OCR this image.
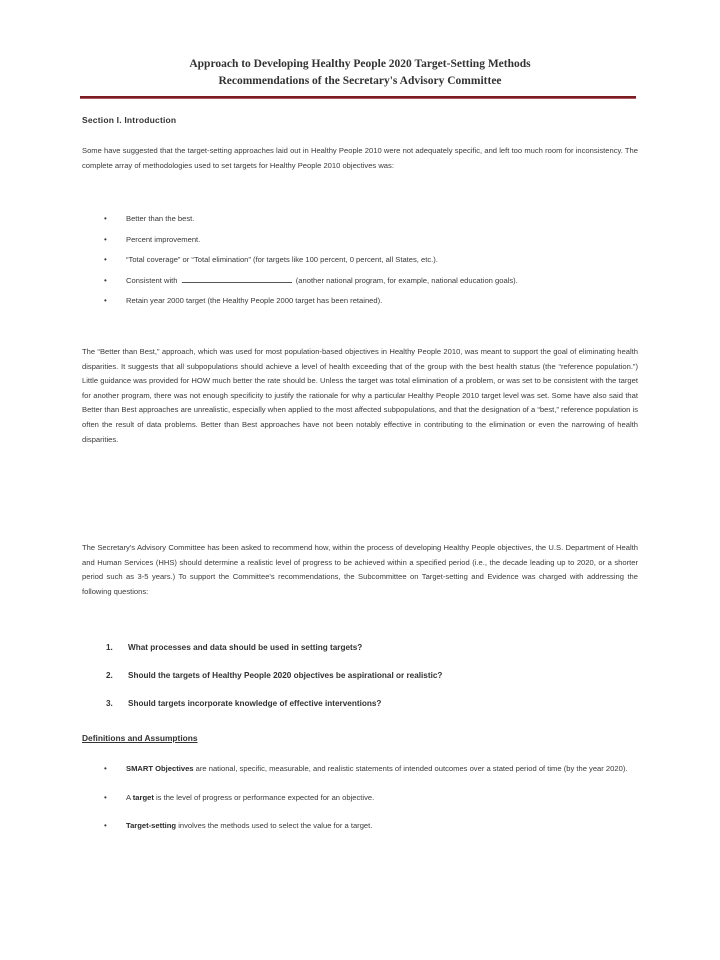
Approach to Developing Healthy People 2020 Target-Setting Methods
Recommendations of the Secretary's Advisory Committee
Section I. Introduction

Some have suggested that the target-setting approaches laid out in Healthy People 2010 were not adequately specific, and left too much room for inconsistency. The complete array of methodologies used to set targets for Healthy People 2010 objectives was:

•	Better than the best.
•	Percent improvement.
•	“Total coverage” or “Total elimination” (for targets like 100 percent, 0 percent, all States, etc.).
•	Consistent with	(another national program, for example, national education goals).
•	Retain year 2000 target (the Healthy People 2000 target has been retained).

The “Better than Best,” approach, which was used for most population-based objectives in Healthy People 2010, was meant to support the goal of eliminating health disparities. It suggests that all subpopulations should achieve a level of health exceeding that of the group with the best health status (the “reference population.”) Little guidance was provided for HOW much better the rate should be. Unless the target was total elimination of a problem, or was set to be consistent with the target for another program, there was not enough specificity to justify the rationale for why a particular Healthy People 2010 target level was set. Some have also said that Better than Best approaches are unrealistic, especially when applied to the most affected subpopulations, and that the designation of a “best,” reference population is often the result of data problems. Better than Best approaches have not been notably effective in contributing to the elimination or even the narrowing of health disparities.

The Secretary's Advisory Committee has been asked to recommend how, within the process of developing Healthy People objectives, the U.S. Department of Health and Human Services (HHS) should determine a realistic level of progress to be achieved within a specified period (i.e., the decade leading up to 2020, or a shorter period such as 3-5 years.) To support the Committee's recommendations, the Subcommittee on Target-setting and Evidence was charged with addressing the following questions:

1. What processes and data should be used in setting targets?
2. Should the targets of Healthy People 2020 objectives be aspirational or realistic?
3. Should targets incorporate knowledge of effective interventions?
Definitions and Assumptions
•	SMART Objectives are national, specific, measurable, and realistic statements of intended outcomes over a stated period of time (by the year 2020).
•	A target is the level of progress or performance expected for an objective.
•	Target-setting involves the methods used to select the value for a target.
